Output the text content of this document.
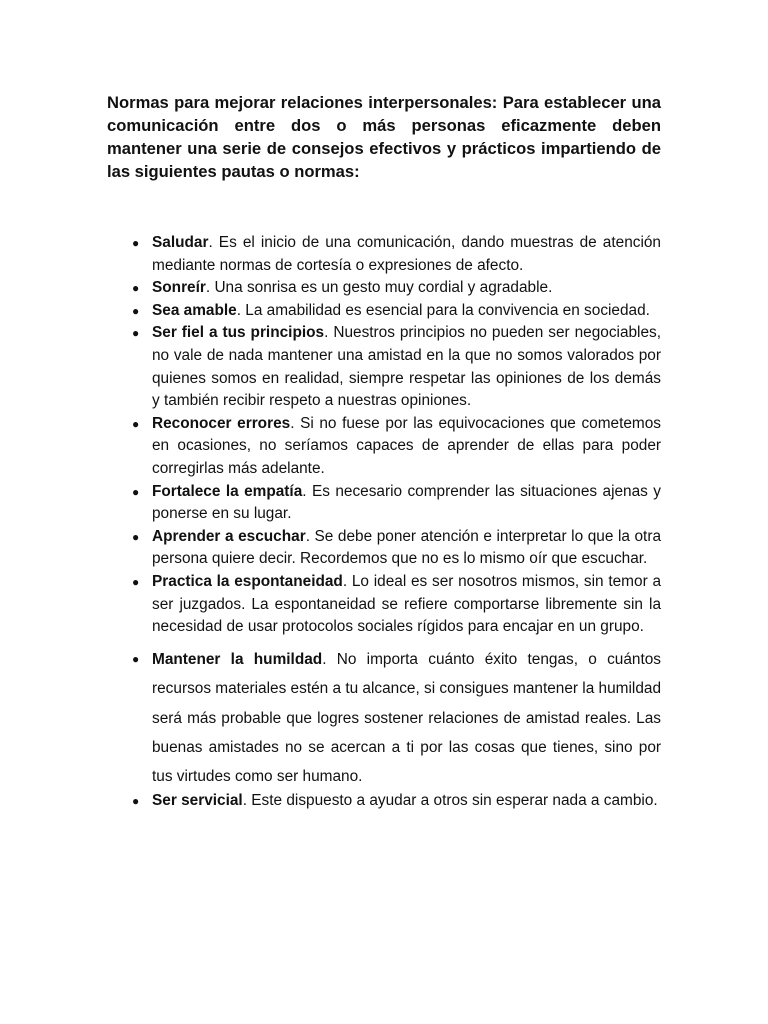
Normas para mejorar relaciones interpersonales: Para establecer una comunicación entre dos o más personas eficazmente deben mantener una serie de consejos efectivos y prácticos impartiendo de las siguientes pautas o normas:

● Saludar. Es el inicio de una comunicación, dando muestras de atención mediante normas de cortesía o expresiones de afecto.
● Sonreír. Una sonrisa es un gesto muy cordial y agradable.
● Sea amable. La amabilidad es esencial para la convivencia en sociedad.
● Ser fiel a tus principios. Nuestros principios no pueden ser negociables, no vale de nada mantener una amistad en la que no somos valorados por quienes somos en realidad, siempre respetar las opiniones de los demás y también recibir respeto a nuestras opiniones.
● Reconocer errores. Si no fuese por las equivocaciones que cometemos en ocasiones, no seríamos capaces de aprender de ellas para poder corregirlas más adelante.
● Fortalece la empatía. Es necesario comprender las situaciones ajenas y ponerse en su lugar.
● Aprender a escuchar. Se debe poner atención e interpretar lo que la otra persona quiere decir. Recordemos que no es lo mismo oír que escuchar.
● Practica la espontaneidad. Lo ideal es ser nosotros mismos, sin temor a ser juzgados. La espontaneidad se refiere comportarse libremente sin la necesidad de usar protocolos sociales rígidos para encajar en un grupo.
● Mantener la humildad. No importa cuánto éxito tengas, o cuántos recursos materiales estén a tu alcance, si consigues mantener la humildad será más probable que logres sostener relaciones de amistad reales. Las buenas amistades no se acercan a ti por las cosas que tienes, sino por tus virtudes como ser humano.
● Ser servicial. Este dispuesto a ayudar a otros sin esperar nada a cambio.
